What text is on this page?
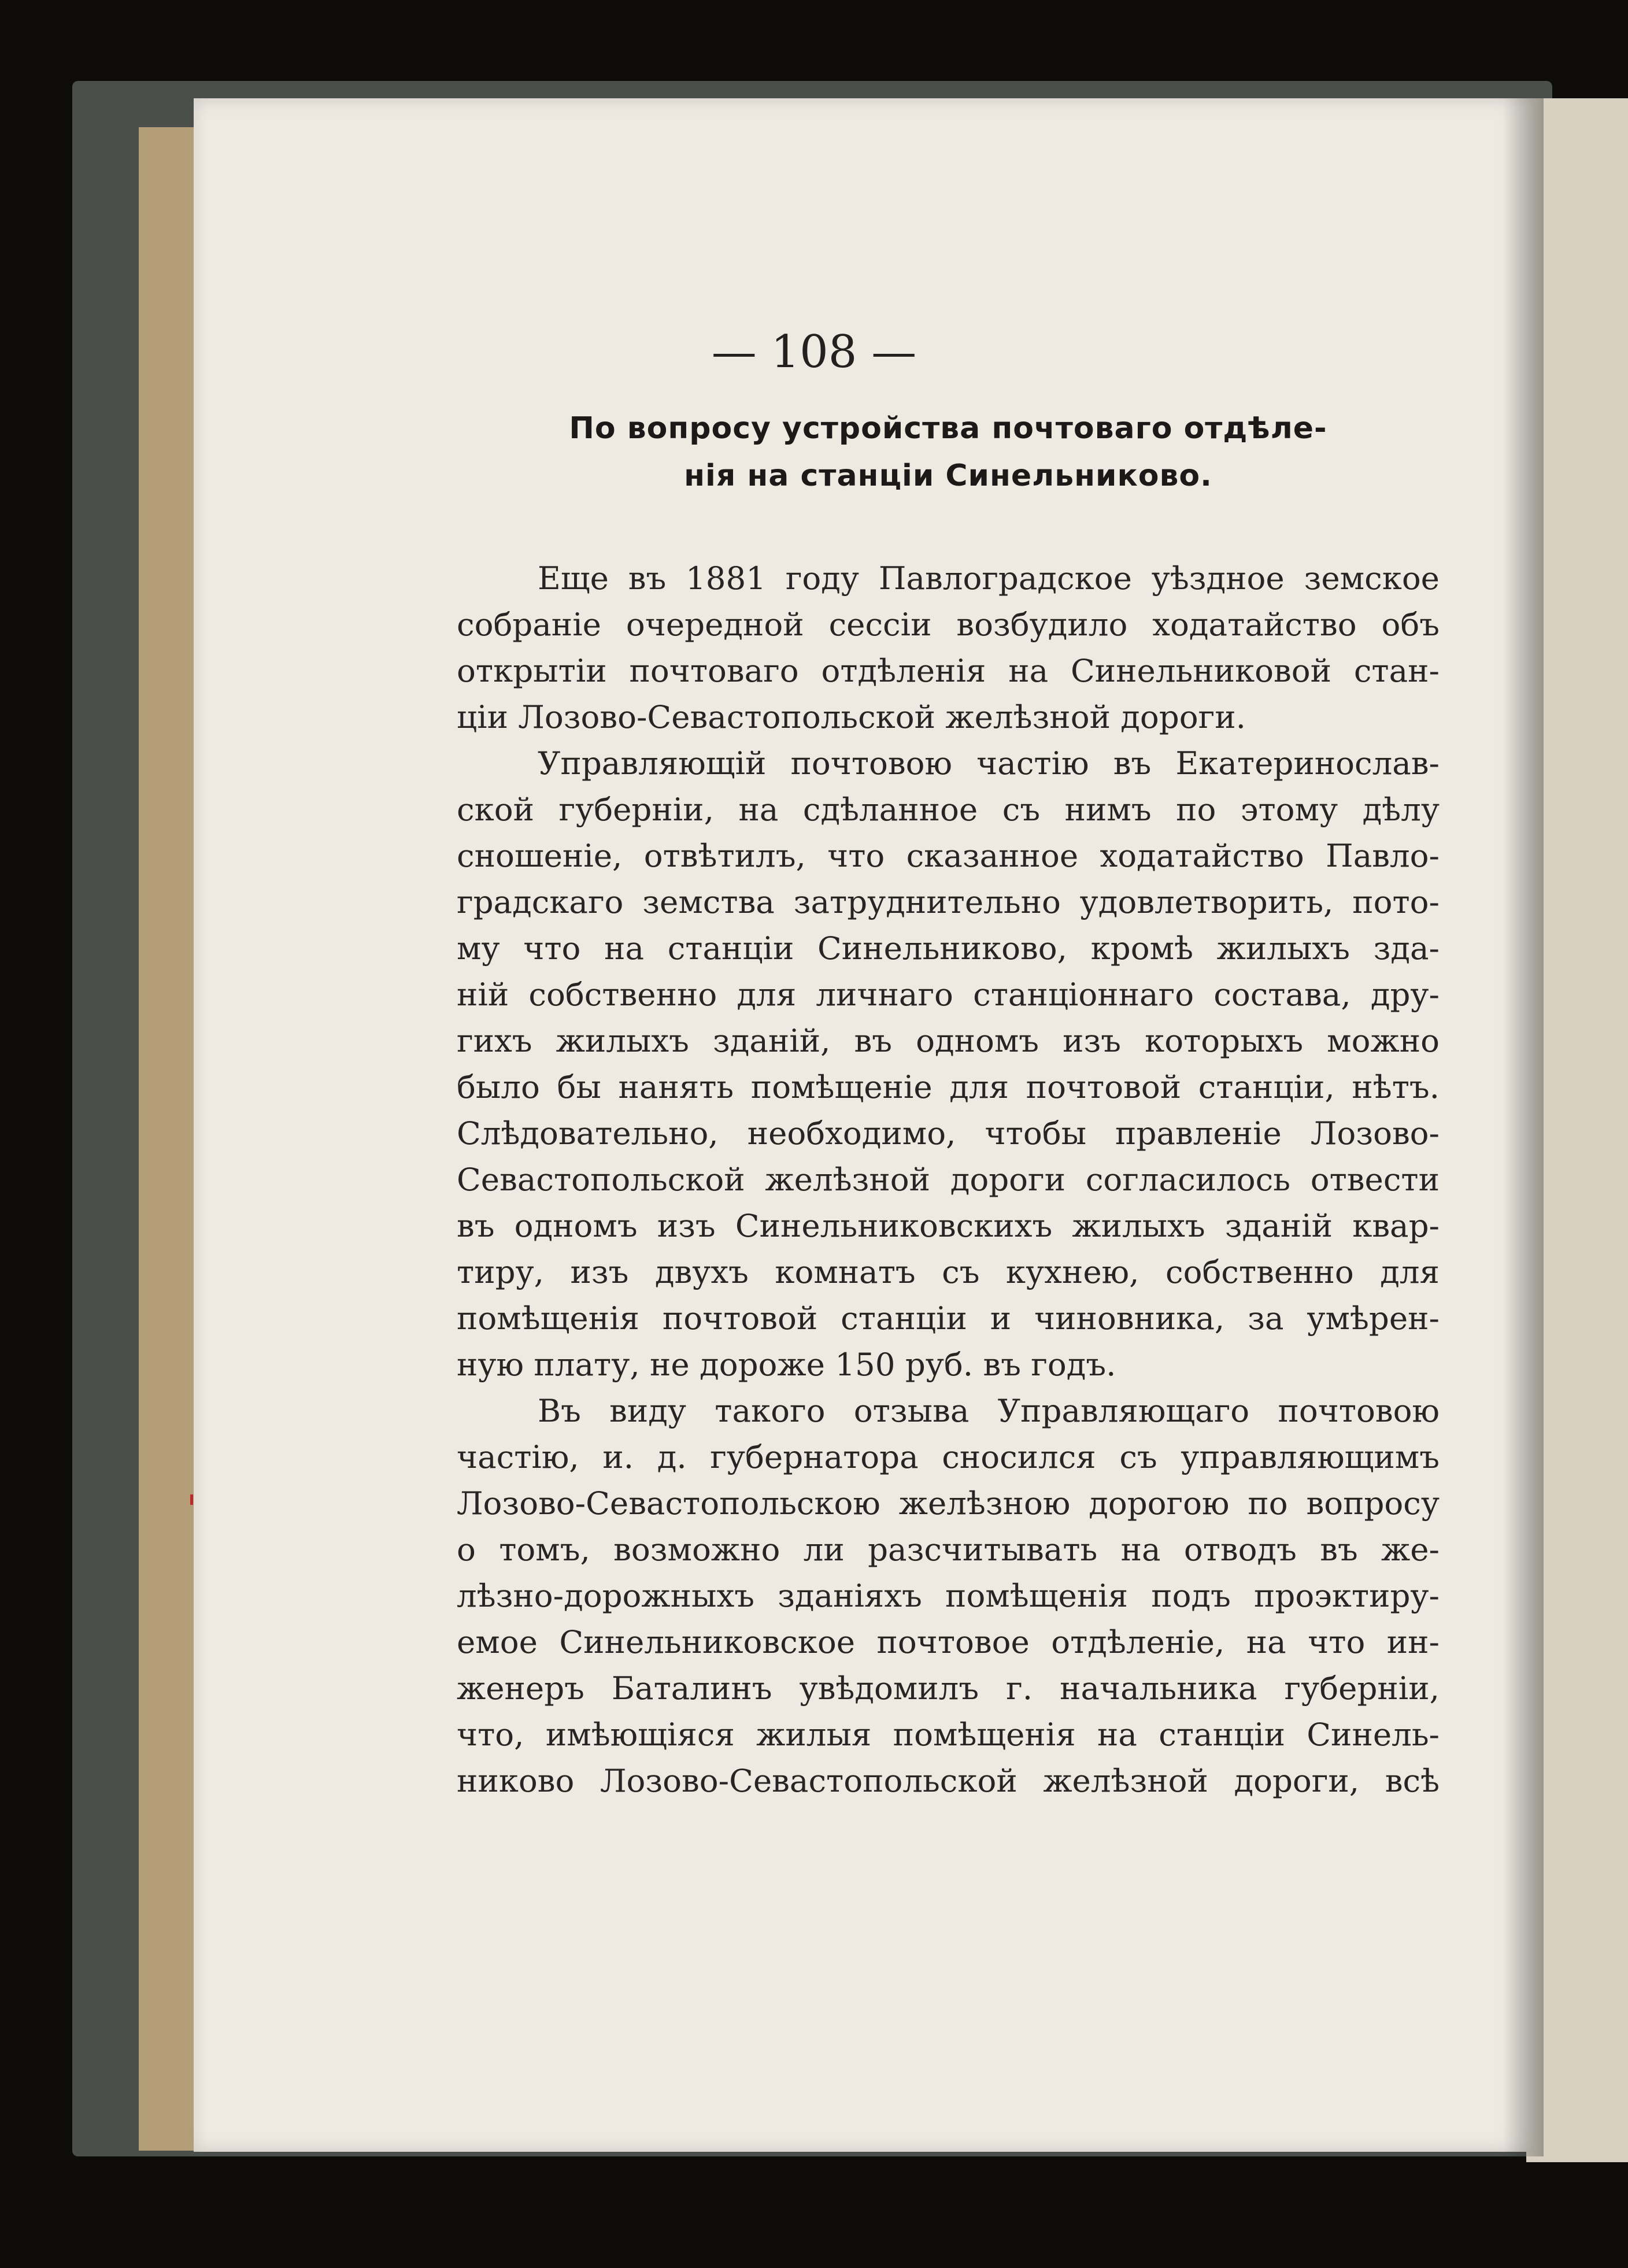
— 108 —
По вопросу устройства почтоваго отдѣле-
нія на станціи Синельниково.
Еще въ 1881 году Павлоградское уѣздное земское
собраніе очередной сессіи возбудило ходатайство объ
открытіи почтоваго отдѣленія на Синельниковой стан-
ціи Лозово-Севастопольской желѣзной дороги.
Управляющій почтовою частію въ Екатеринослав-
ской губерніи, на сдѣланное съ нимъ по этому дѣлу
сношеніе, отвѣтилъ, что сказанное ходатайство Павло-
градскаго земства затруднительно удовлетворить, пото-
му что на станціи Синельниково, кромѣ жилыхъ зда-
ній собственно для личнаго станціоннаго состава, дру-
гихъ жилыхъ зданій, въ одномъ изъ которыхъ можно
было бы нанять помѣщеніе для почтовой станціи, нѣтъ.
Слѣдовательно, необходимо, чтобы правленіе Лозово-
Севастопольской желѣзной дороги согласилось отвести
въ одномъ изъ Синельниковскихъ жилыхъ зданій квар-
тиру, изъ двухъ комнатъ съ кухнею, собственно для
помѣщенія почтовой станціи и чиновника, за умѣрен-
ную плату, не дороже 150 руб. въ годъ.
Въ виду такого отзыва Управляющаго почтовою
частію, и. д. губернатора сносился съ управляющимъ
Лозово-Севастопольскою желѣзною дорогою по вопросу
о томъ, возможно ли разсчитывать на отводъ въ же-
лѣзно-дорожныхъ зданіяхъ помѣщенія подъ проэктиру-
емое Синельниковское почтовое отдѣленіе, на что ин-
женеръ Баталинъ увѣдомилъ г. начальника губерніи,
что, имѣющіяся жилыя помѣщенія на станціи Синель-
никово Лозово-Севастопольской желѣзной дороги, всѣ
